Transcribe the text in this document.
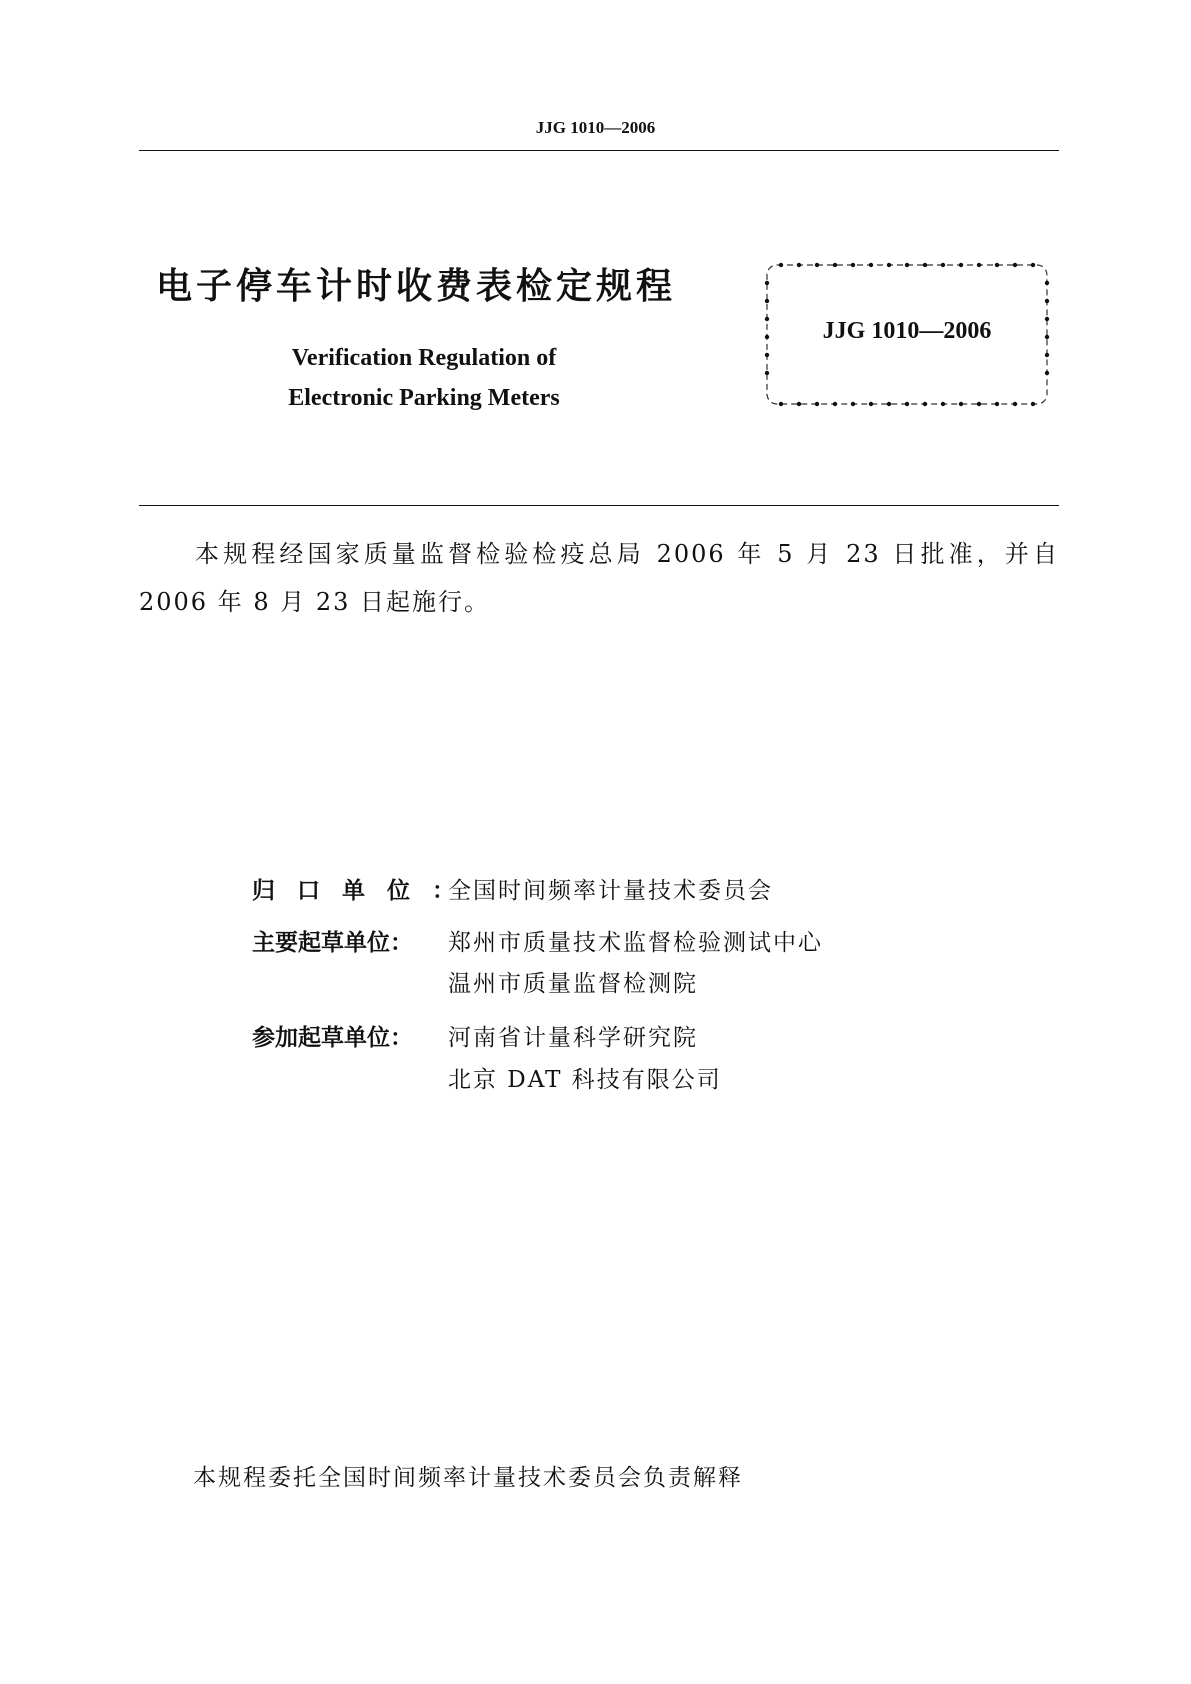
JJG 1010—2006
电子停车计时收费表检定规程
Verification Regulation of
Electronic Parking Meters
JJG 1010—2006
本规程经国家质量监督检验检疫总局 2006 年 5 月 23 日批准，并自 2006 年 8 月 23 日起施行。
归口单位：
全国时间频率计量技术委员会
主要起草单位： 郑州市质量技术监督检验测试中心
温州市质量监督检测院
参加起草单位： 河南省计量科学研究院
北京 DAT 科技有限公司
本规程委托全国时间频率计量技术委员会负责解释
